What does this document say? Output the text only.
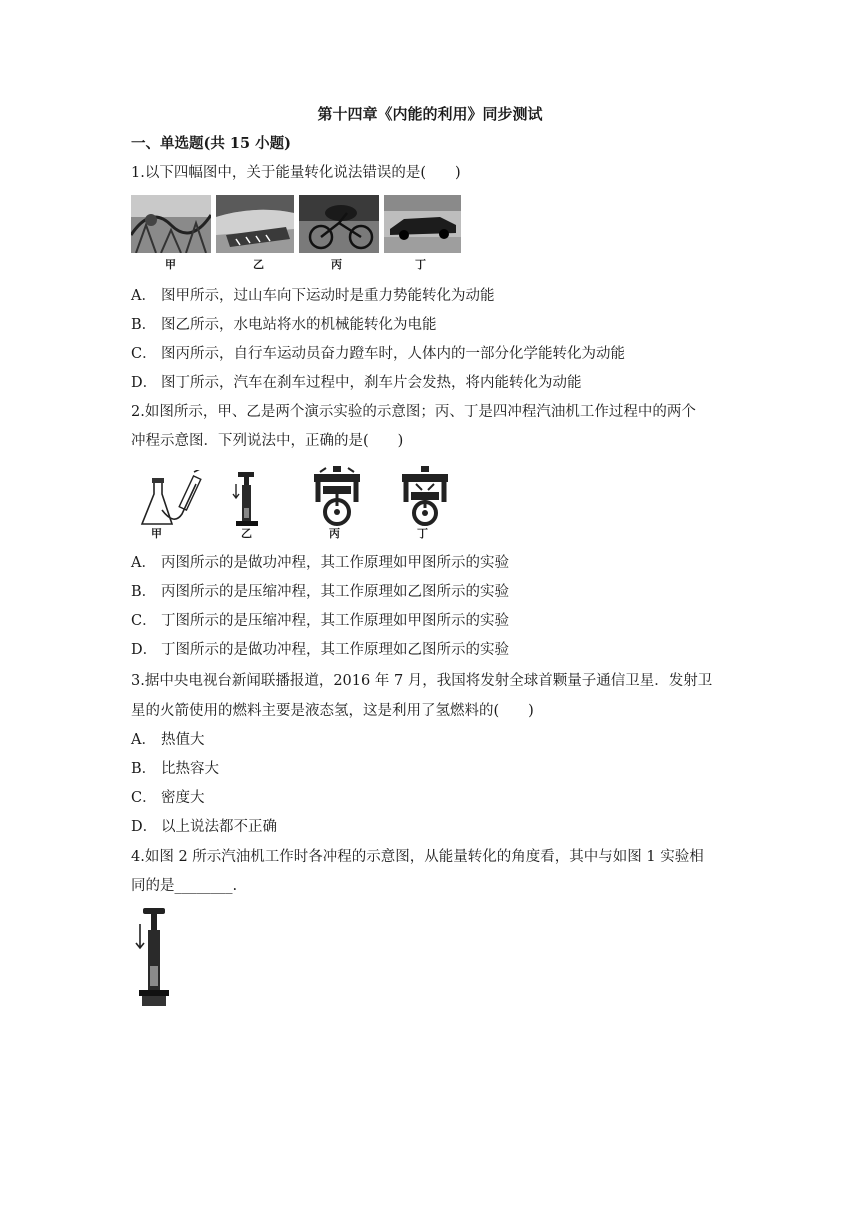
第十四章《内能的利用》同步测试
一、单选题(共 15 小题)
1.以下四幅图中，关于能量转化说法错误的是(　　)
甲	乙	丙	丁
A． 图甲所示，过山车向下运动时是重力势能转化为动能
B． 图乙所示，水电站将水的机械能转化为电能
C． 图丙所示，自行车运动员奋力蹬车时，人体内的一部分化学能转化为动能
D． 图丁所示，汽车在刹车过程中，刹车片会发热，将内能转化为动能
2.如图所示，甲、乙是两个演示实验的示意图；丙、丁是四冲程汽油机工作过程中的两个
冲程示意图．下列说法中，正确的是(　　)
甲	乙	丙	丁
A． 丙图所示的是做功冲程，其工作原理如甲图所示的实验
B． 丙图所示的是压缩冲程，其工作原理如乙图所示的实验
C． 丁图所示的是压缩冲程，其工作原理如甲图所示的实验
D． 丁图所示的是做功冲程，其工作原理如乙图所示的实验
3.据中央电视台新闻联播报道，2016 年 7 月，我国将发射全球首颗量子通信卫星．发射卫
星的火箭使用的燃料主要是液态氢，这是利用了氢燃料的(　　)
A． 热值大
B． 比热容大
C． 密度大
D． 以上说法都不正确
4.如图 2 所示汽油机工作时各冲程的示意图，从能量转化的角度看，其中与如图 1 实验相
同的是________.
